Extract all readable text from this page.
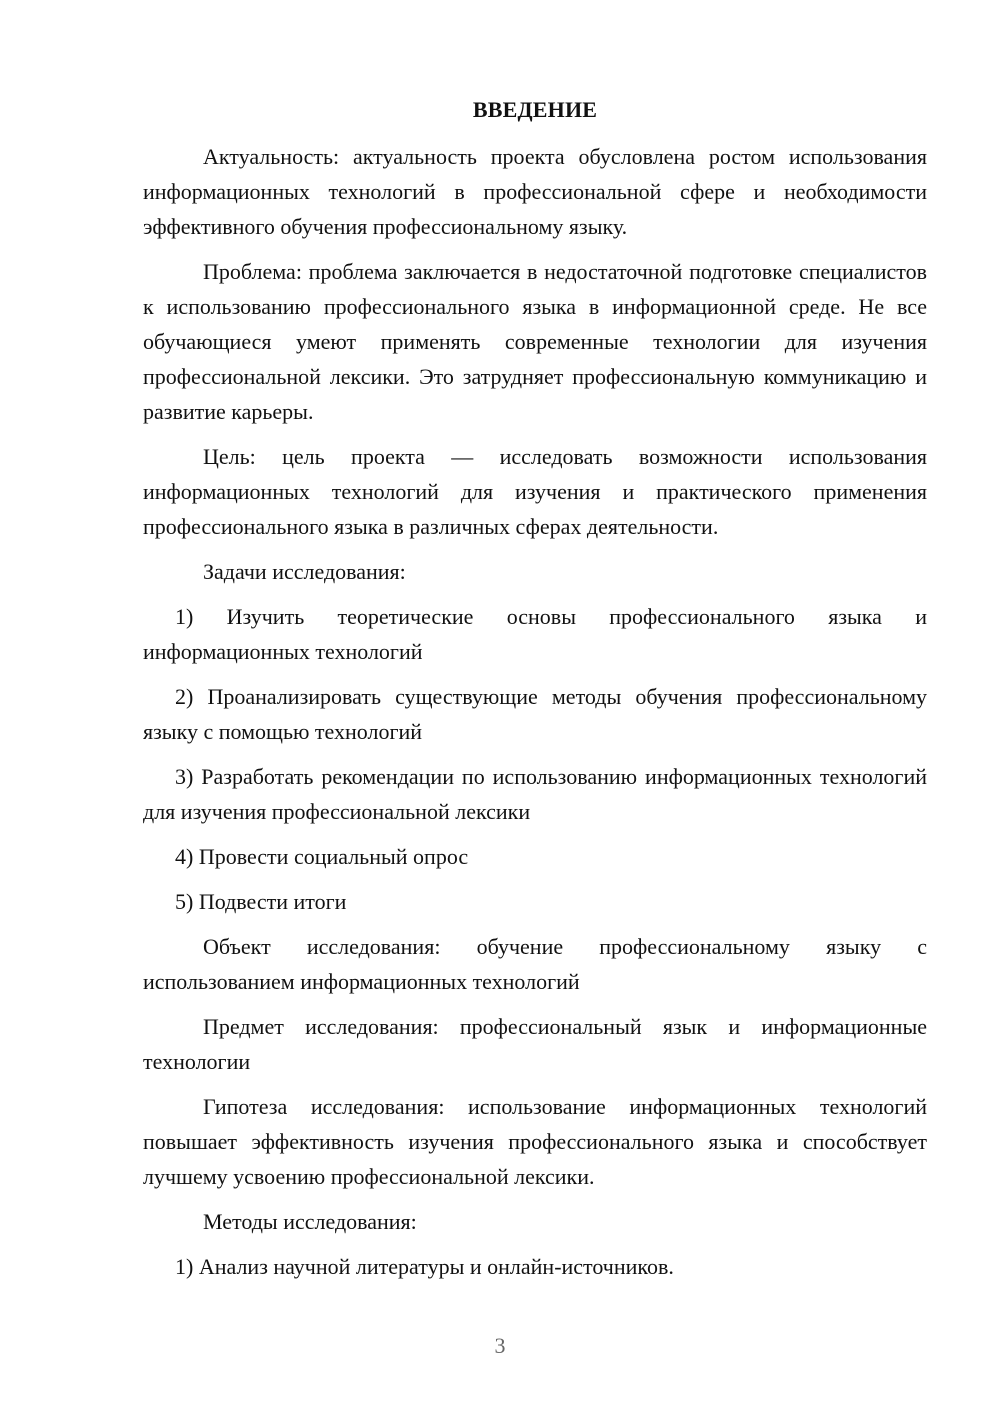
ВВЕДЕНИЕ

Актуальность: актуальность проекта обусловлена ростом использования информационных технологий в профессиональной сфере и необходимости эффективного обучения профессиональному языку.

Проблема: проблема заключается в недостаточной подготовке специалистов к использованию профессионального языка в информационной среде. Не все обучающиеся умеют применять современные технологии для изучения профессиональной лексики. Это затрудняет профессиональную коммуникацию и развитие карьеры.

Цель: цель проекта — исследовать возможности использования информационных технологий для изучения и практического применения профессионального языка в различных сферах деятельности.

Задачи исследования:

1) Изучить теоретические основы профессионального языка и информационных технологий

2) Проанализировать существующие методы обучения профессиональному языку с помощью технологий

3) Разработать рекомендации по использованию информационных технологий для изучения профессиональной лексики

4) Провести социальный опрос

5) Подвести итоги

Объект исследования: обучение профессиональному языку с использованием информационных технологий

Предмет исследования: профессиональный язык и информационные технологии

Гипотеза исследования: использование информационных технологий повышает эффективность изучения профессионального языка и способствует лучшему усвоению профессиональной лексики.

Методы исследования:

1) Анализ научной литературы и онлайн-источников.

3
